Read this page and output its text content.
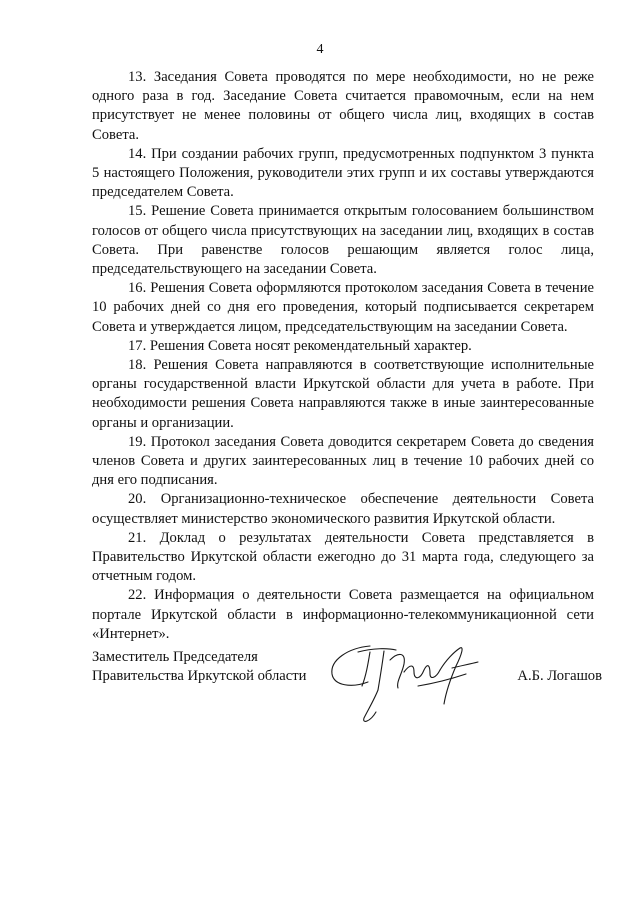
4

13. Заседания Совета проводятся по мере необходимости, но не реже одного раза в год. Заседание Совета считается правомочным, если на нем присутствует не менее половины от общего числа лиц, входящих в состав Совета.

14. При создании рабочих групп, предусмотренных подпунктом 3 пункта 5 настоящего Положения, руководители этих групп и их составы утверждаются председателем Совета.

15. Решение Совета принимается открытым голосованием большинством голосов от общего числа присутствующих на заседании лиц, входящих в состав Совета. При равенстве голосов решающим является голос лица, председательствующего на заседании Совета.

16. Решения Совета оформляются протоколом заседания Совета в течение 10 рабочих дней со дня его проведения, который подписывается секретарем Совета и утверждается лицом, председательствующим на заседании Совета.

17. Решения Совета носят рекомендательный характер.

18. Решения Совета направляются в соответствующие исполнительные органы государственной власти Иркутской области для учета в работе. При необходимости решения Совета направляются также в иные заинтересованные органы и организации.

19. Протокол заседания Совета доводится секретарем Совета до сведения членов Совета и других заинтересованных лиц в течение 10 рабочих дней со дня его подписания.

20. Организационно-техническое обеспечение деятельности Совета осуществляет министерство экономического развития Иркутской области.

21. Доклад о результатах деятельности Совета представляется в Правительство Иркутской области ежегодно до 31 марта года, следующего за отчетным годом.

22. Информация о деятельности Совета размещается на официальном портале Иркутской области в информационно-телекоммуникационной сети «Интернет».

Заместитель Председателя
Правительства Иркутской области	А.Б. Логашов
